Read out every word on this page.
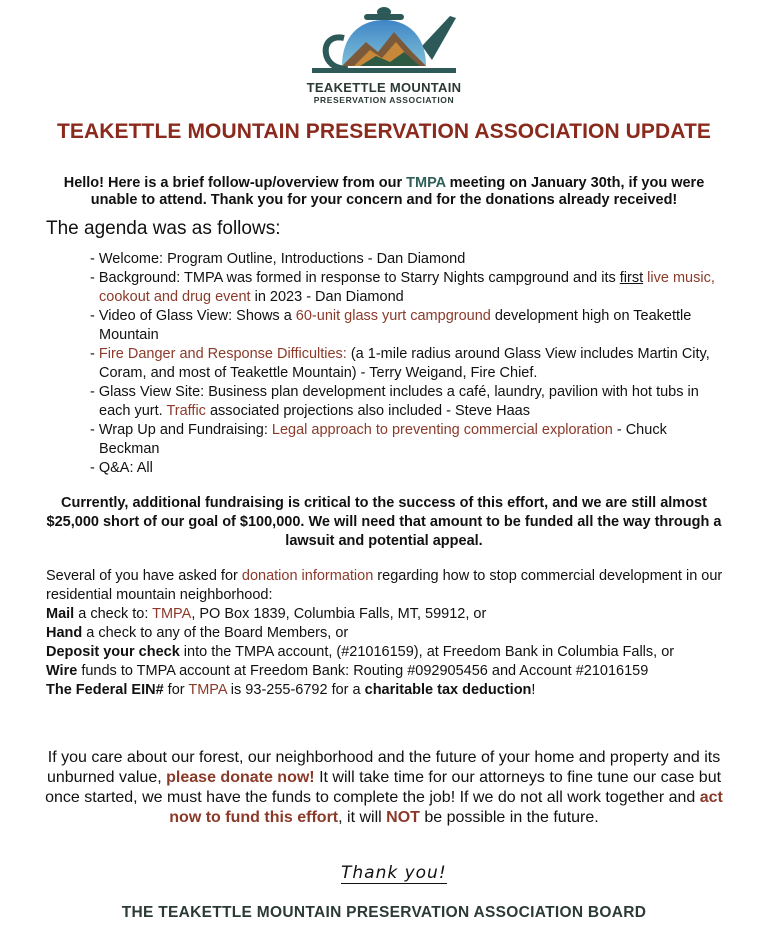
TEAKETTLE MOUNTAIN
PRESERVATION ASSOCIATION
TEAKETTLE MOUNTAIN PRESERVATION ASSOCIATION UPDATE
Hello! Here is a brief follow-up/overview from our TMPA meeting on January 30th, if you were unable to attend. Thank you for your concern and for the donations already received!
The agenda was as follows:
- Welcome: Program Outline, Introductions - Dan Diamond
- Background: TMPA was formed in response to Starry Nights campground and its first live music, cookout and drug event in 2023 - Dan Diamond
- Video of Glass View: Shows a 60-unit glass yurt campground development high on Teakettle Mountain
- Fire Danger and Response Difficulties: (a 1-mile radius around Glass View includes Martin City, Coram, and most of Teakettle Mountain) - Terry Weigand, Fire Chief.
- Glass View Site: Business plan development includes a café, laundry, pavilion with hot tubs in each yurt. Traffic associated projections also included - Steve Haas
- Wrap Up and Fundraising: Legal approach to preventing commercial exploration - Chuck Beckman
- Q&A: All
Currently, additional fundraising is critical to the success of this effort, and we are still almost $25,000 short of our goal of $100,000. We will need that amount to be funded all the way through a lawsuit and potential appeal.

Several of you have asked for donation information regarding how to stop commercial development in our residential mountain neighborhood:

Mail a check to: TMPA, PO Box 1839, Columbia Falls, MT, 59912, or

Hand a check to any of the Board Members, or

Deposit your check into the TMPA account, (#21016159), at Freedom Bank in Columbia Falls, or

Wire funds to TMPA account at Freedom Bank: Routing #092905456 and Account #21016159

The Federal EIN# for TMPA is 93-255-6792 for a charitable tax deduction!

If you care about our forest, our neighborhood and the future of your home and property and its unburned value, please donate now! It will take time for our attorneys to fine tune our case but once started, we must have the funds to complete the job! If we do not all work together and act now to fund this effort, it will NOT be possible in the future.
Thank you!
THE TEAKETTLE MOUNTAIN PRESERVATION ASSOCIATION BOARD
